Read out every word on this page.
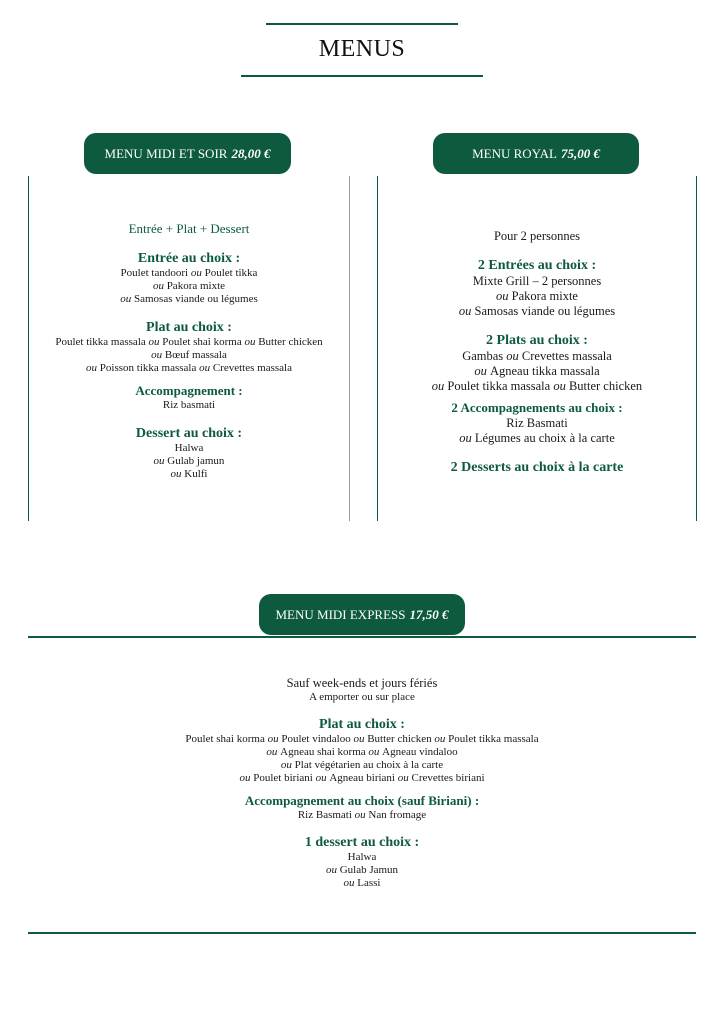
MENUS
MENU MIDI ET SOIR 28,00 €	MENU ROYAL 75,00 €
Entrée + Plat + Dessert
Entrée au choix :
Poulet tandoori ou Poulet tikka
ou Pakora mixte
ou Samosas viande ou légumes
Plat au choix :
Poulet tikka massala ou Poulet shai korma ou Butter chicken
ou Bœuf massala
ou Poisson tikka massala ou Crevettes massala
Accompagnement :
Riz basmati
Dessert au choix :
Halwa
ou Gulab jamun
ou Kulfi
Pour 2 personnes
2 Entrées au choix :
Mixte Grill – 2 personnes
ou Pakora mixte
ou Samosas viande ou légumes
2 Plats au choix :
Gambas ou Crevettes massala
ou Agneau tikka massala
ou Poulet tikka massala ou Butter chicken
2 Accompagnements au choix :
Riz Basmati
ou Légumes au choix à la carte
2 Desserts au choix à la carte
MENU MIDI EXPRESS 17,50 €
Sauf week-ends et jours fériés
A emporter ou sur place
Plat au choix :
Poulet shai korma ou Poulet vindaloo ou Butter chicken ou Poulet tikka massala
ou Agneau shai korma ou Agneau vindaloo
ou Plat végétarien au choix à la carte
ou Poulet biriani ou Agneau biriani ou Crevettes biriani
Accompagnement au choix (sauf Biriani) :
Riz Basmati ou Nan fromage
1 dessert au choix :
Halwa
ou Gulab Jamun
ou Lassi
